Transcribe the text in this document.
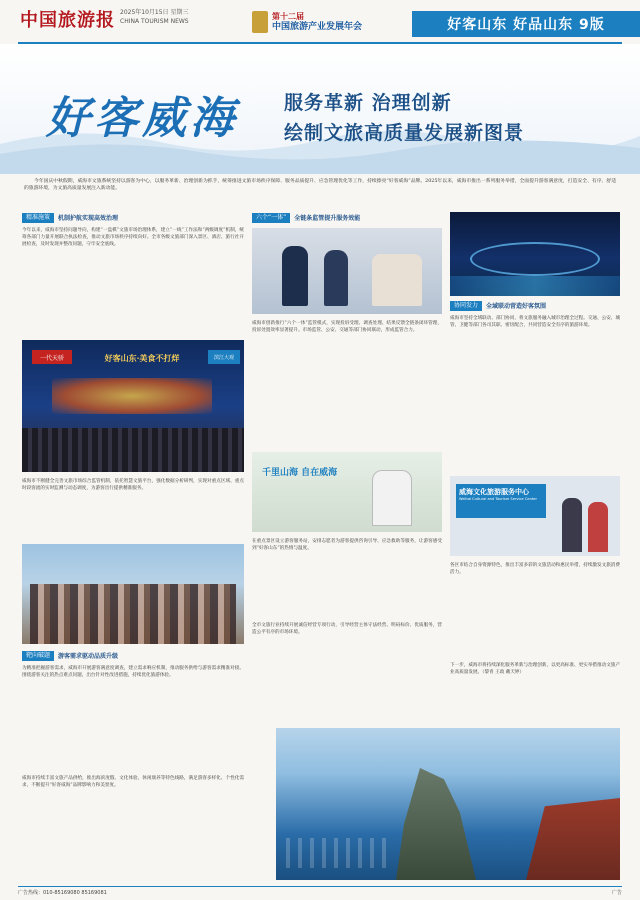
中国旅游报 2025年10月15日 星期三
CHINA TOURISM NEWS
第十二届
中国旅游产业发展年会	好客山东 好品山东 9版
好客威海 服务革新 治理创新
绘制文旅高质量发展新图景
今年国庆中秋假期，威海市文旅系统坚持以游客为中心，以服务革新、治理创新为抓手，统筹推进文旅市场秩序保障、服务品质提升、应急管理优化等工作，持续擦亮“好客威海”品牌。2025年以来，威海市推出一系列服务举措，全面提升游客满意度，打造安全、有序、舒适的旅游环境，为文旅高质量发展注入新动能。
精准施策	机制护航实现高效治理
今年以来，威海市坚持问题导向，构建“一盘棋”文旅市场治理体系，建立“一线”工作法和“两级调度”机制，统筹各部门力量开展联合执法检查，推动文旅市场秩序持续向好。全市各级文旅部门深入景区、酒店、旅行社开展检查，及时发现并整改问题，守牢安全底线。
一代天骄	好客山东·美食不打烊	滨江大观
威海市不断健全完善文旅市场综合监管机制，依托智慧文旅平台，强化数据分析研判，实现对重点区域、重点时段客流的实时监测与动态调度，为游客出行提供精准服务。
靶向破题	游客需求驱动品质升级
为精准把握游客需求，威海市开展游客满意度调查，建立需求响应机制，推动服务供给与游客需求精准对接。围绕游客关注的热点难点问题，出台针对性改进措施，持续优化旅游体验。
威海市持续丰富文旅产品供给，推出海滨度假、文化体验、休闲康养等特色线路，满足游客多样化、个性化需求，不断提升“好客威海”品牌影响力和美誉度。
六个“一体”	全链条监管提升服务效能
威海市创新推行“六个一体”监管模式，实现投诉受理、调查处理、结果反馈全链条闭环管理，投诉处置效率显著提升。市场监管、公安、交通等部门协同联动，形成监管合力。
千里山海 自在威海
在重点景区设立游客服务站，安排志愿者为游客提供咨询引导、应急救助等服务，让游客感受到“好客山东”的热情与温度。
全市文旅行业持续开展诚信经营专项行动，引导经营主体守法经营、明码标价、优质服务，营造公平有序的市场环境。
协同发力	全域联动营造好客氛围
威海市坚持全域联动、部门协同，将文旅服务融入城市治理全过程。交通、公安、城管、卫健等部门各司其职、密切配合，共同营造安全有序的旅游环境。
威海文化旅游服务中心
Weihai Cultural and Tourism Service Center
各区市结合自身资源特色，推出丰富多彩的文旅活动和惠民举措，持续激发文旅消费活力。
下一步，威海市将持续深化服务革新与治理创新，以更高标准、更实举措推动文旅产业高质量发展。（黎青 王政 戴天婷）
广告热线：010-85169080 85169081	广告
